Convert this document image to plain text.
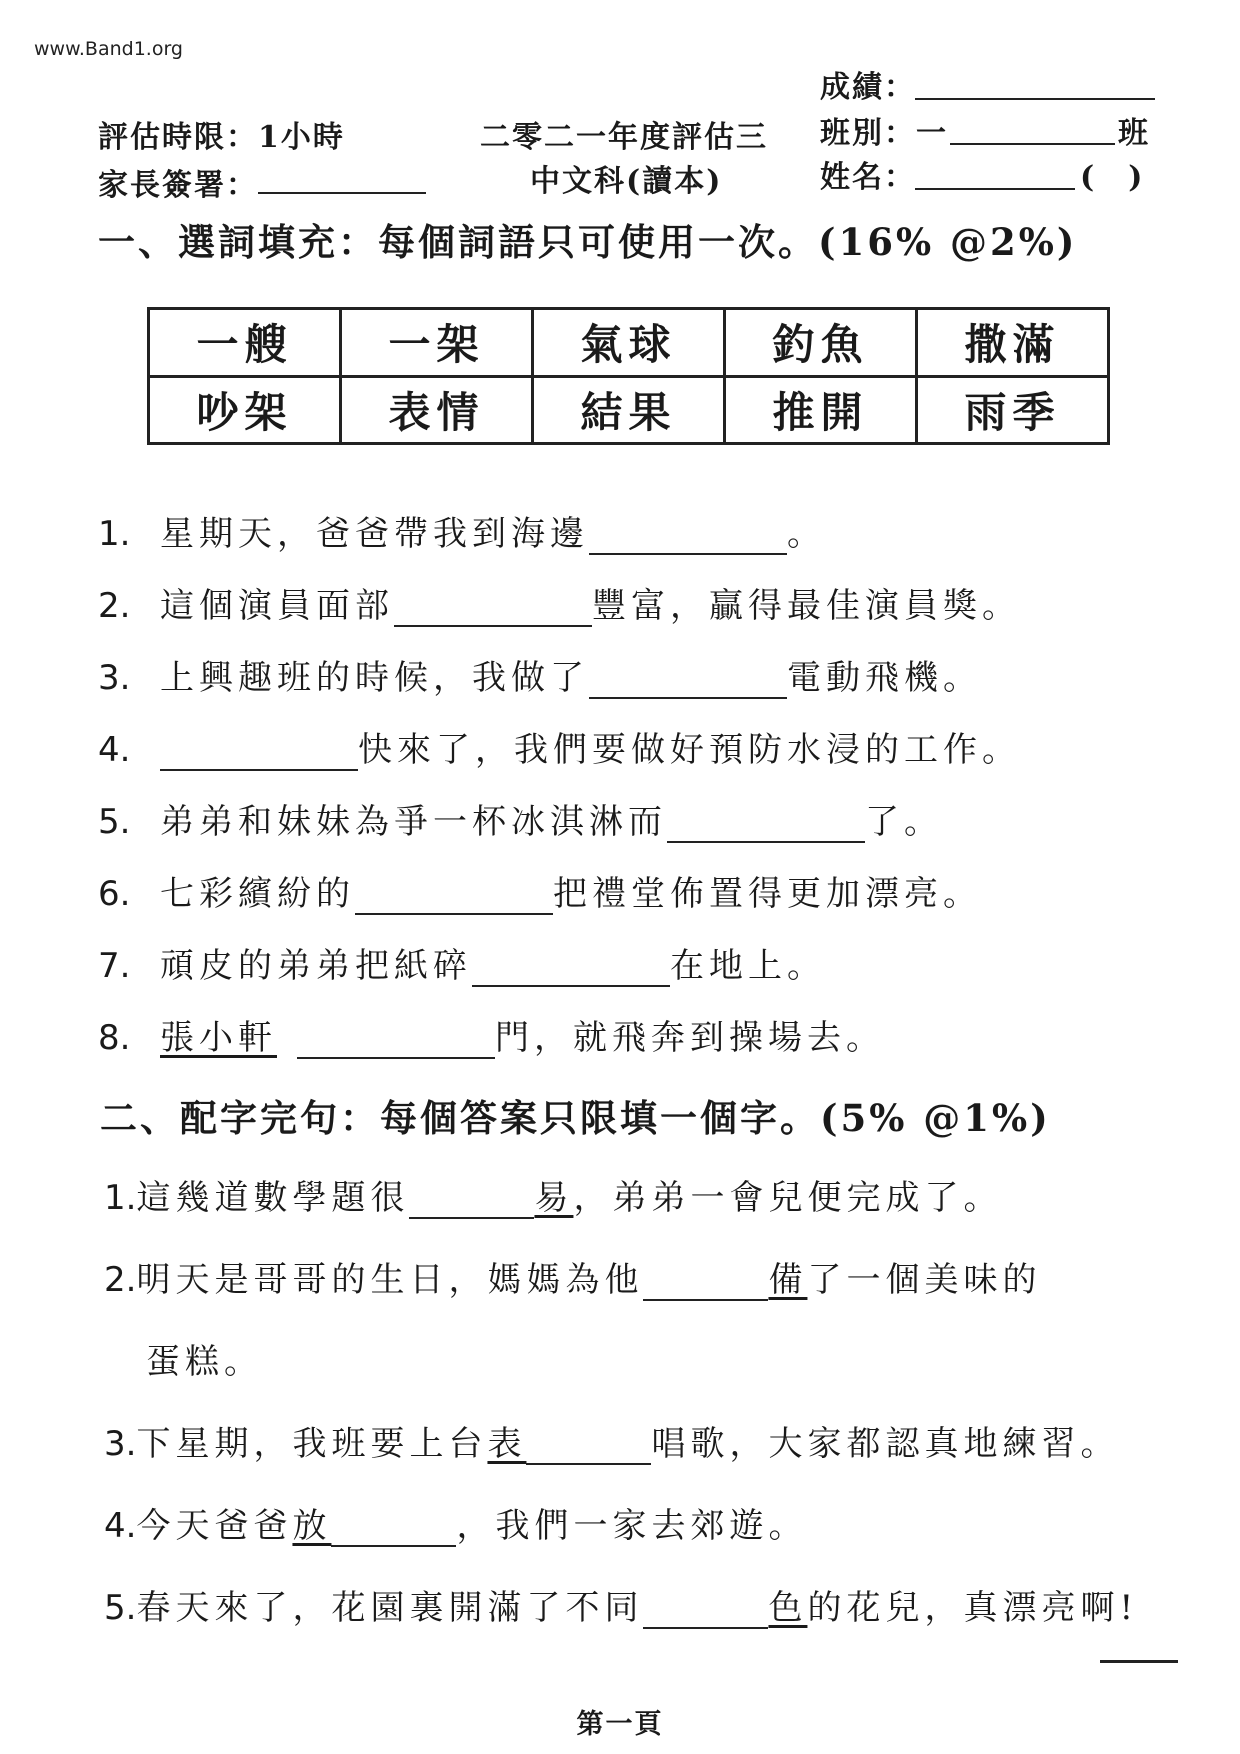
www.Band1.org
成績：
評估時限：1小時	二零二一年度評估三 班別：一	班
家長簽署：	中文科(讀本)	姓名：	(　)
一、選詞填充：每個詞語只可使用一次。(16% @2%)
一艘	一架	氣球	釣魚	撒滿
吵架	表情	結果	推開	雨季
1. 星期天，爸爸帶我到海邊	。
2. 這個演員面部	豐富，贏得最佳演員獎。
3. 上興趣班的時候，我做了	電動飛機。
4.	快來了，我們要做好預防水浸的工作。
5. 弟弟和妹妹為爭一杯冰淇淋而	了。
6. 七彩繽紛的	把禮堂佈置得更加漂亮。
7. 頑皮的弟弟把紙碎	在地上。
8. 張小軒	門，就飛奔到操場去。
二、配字完句：每個答案只限填一個字。(5% @1%)
1.這幾道數學題很	易，弟弟一會兒便完成了。
2.明天是哥哥的生日，媽媽為他	備了一個美味的
蛋糕。
3.下星期，我班要上台表	唱歌，大家都認真地練習。
4.今天爸爸放	，我們一家去郊遊。
5.春天來了，花園裏開滿了不同	色的花兒，真漂亮啊!
第一頁
